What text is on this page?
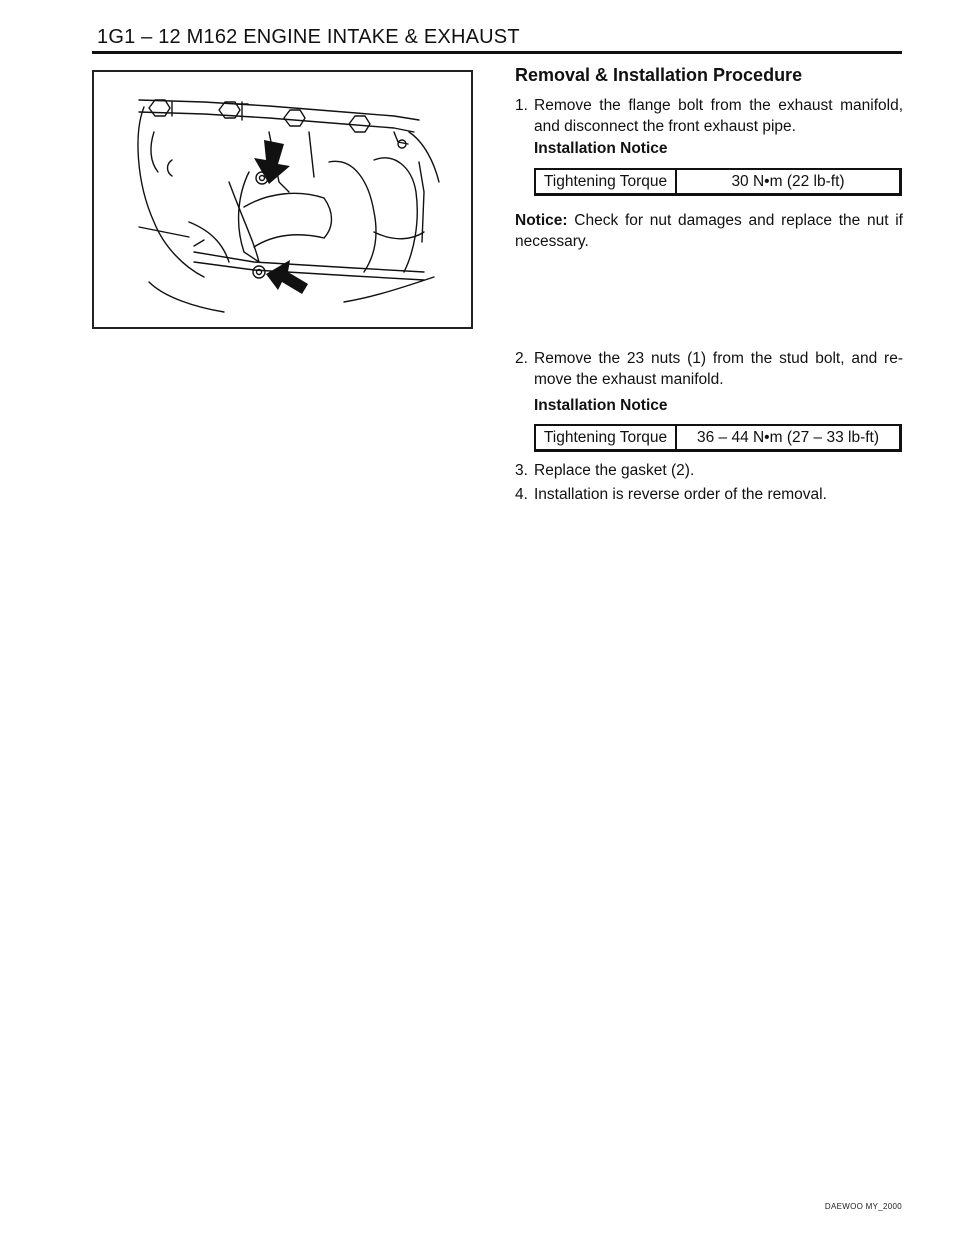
1G1 – 12 M162 ENGINE INTAKE & EXHAUST
Removal & Installation Procedure
1. Remove the flange bolt from the exhaust manifold, and disconnect the front exhaust pipe.
Installation Notice
Tightening Torque	30 N•m (22 lb-ft)
Notice: Check for nut damages and replace the nut if necessary.
2. Remove the 23 nuts (1) from the stud bolt, and re-move the exhaust manifold.
Installation Notice
Tightening Torque	36 – 44 N•m (27 – 33 lb-ft)
3. Replace the gasket (2).
4. Installation is reverse order of the removal.
DAEWOO MY_2000
